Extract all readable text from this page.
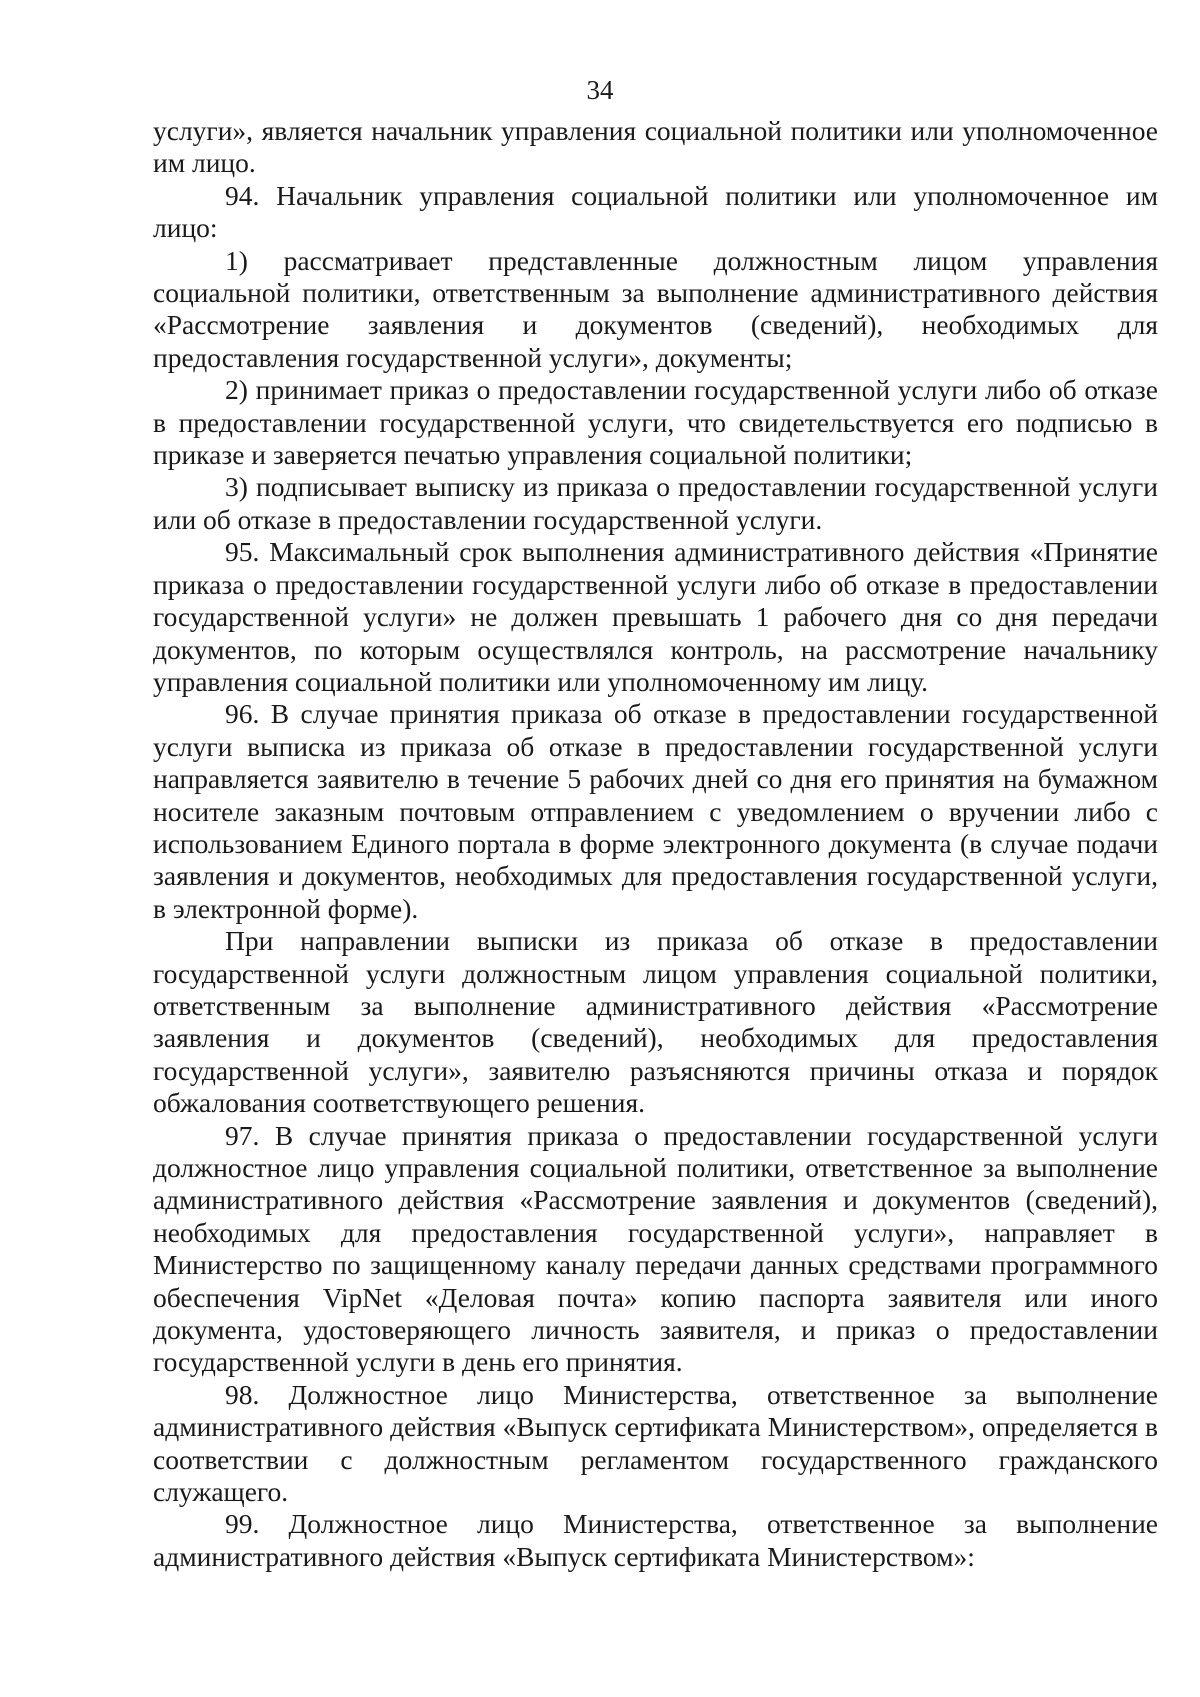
34

услуги», является начальник управления социальной политики или уполномоченное им лицо.

94. Начальник управления социальной политики или уполномоченное им лицо:

1) рассматривает представленные должностным лицом управления социальной политики, ответственным за выполнение административного действия «Рассмотрение заявления и документов (сведений), необходимых для предоставления государственной услуги», документы;

2) принимает приказ о предоставлении государственной услуги либо об отказе в предоставлении государственной услуги, что свидетельствуется его подписью в приказе и заверяется печатью управления социальной политики;

3) подписывает выписку из приказа о предоставлении государственной услуги или об отказе в предоставлении государственной услуги.

95. Максимальный срок выполнения административного действия «Принятие приказа о предоставлении государственной услуги либо об отказе в предоставлении государственной услуги» не должен превышать 1 рабочего дня со дня передачи документов, по которым осуществлялся контроль, на рассмотрение начальнику управления социальной политики или уполномоченному им лицу.

96. В случае принятия приказа об отказе в предоставлении государственной услуги выписка из приказа об отказе в предоставлении государственной услуги направляется заявителю в течение 5 рабочих дней со дня его принятия на бумажном носителе заказным почтовым отправлением с уведомлением о вручении либо с использованием Единого портала в форме электронного документа (в случае подачи заявления и документов, необходимых для предоставления государственной услуги, в электронной форме).

При направлении выписки из приказа об отказе в предоставлении государственной услуги должностным лицом управления социальной политики, ответственным за выполнение административного действия «Рассмотрение заявления и документов (сведений), необходимых для предоставления государственной услуги», заявителю разъясняются причины отказа и порядок обжалования соответствующего решения.

97. В случае принятия приказа о предоставлении государственной услуги должностное лицо управления социальной политики, ответственное за выполнение административного действия «Рассмотрение заявления и документов (сведений), необходимых для предоставления государственной услуги», направляет в Министерство по защищенному каналу передачи данных средствами программного обеспечения VipNet «Деловая почта» копию паспорта заявителя или иного документа, удостоверяющего личность заявителя, и приказ о предоставлении государственной услуги в день его принятия.

98. Должностное лицо Министерства, ответственное за выполнение административного действия «Выпуск сертификата Министерством», определяется в соответствии с должностным регламентом государственного гражданского служащего.

99. Должностное лицо Министерства, ответственное за выполнение административного действия «Выпуск сертификата Министерством»:
